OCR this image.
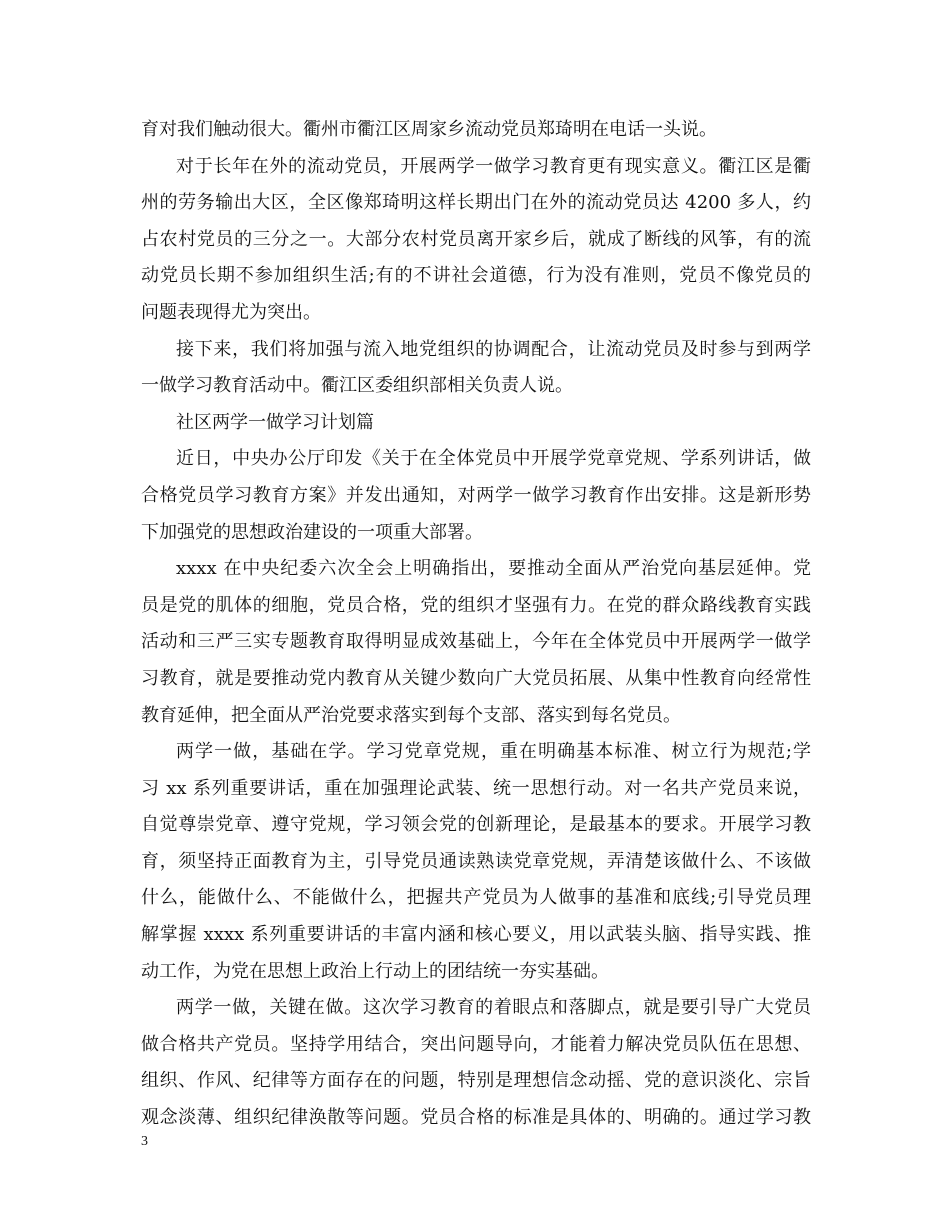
育对我们触动很大。衢州市衢江区周家乡流动党员郑琦明在电话一头说。
对于长年在外的流动党员，开展两学一做学习教育更有现实意义。衢江区是衢
州的劳务输出大区，全区像郑琦明这样长期出门在外的流动党员达 4200 多人，约
占农村党员的三分之一。大部分农村党员离开家乡后，就成了断线的风筝，有的流
动党员长期不参加组织生活;有的不讲社会道德，行为没有准则，党员不像党员的
问题表现得尤为突出。
接下来，我们将加强与流入地党组织的协调配合，让流动党员及时参与到两学
一做学习教育活动中。衢江区委组织部相关负责人说。
社区两学一做学习计划篇
近日，中央办公厅印发《关于在全体党员中开展学党章党规、学系列讲话，做
合格党员学习教育方案》并发出通知，对两学一做学习教育作出安排。这是新形势
下加强党的思想政治建设的一项重大部署。
xxxx 在中央纪委六次全会上明确指出，要推动全面从严治党向基层延伸。党
员是党的肌体的细胞，党员合格，党的组织才坚强有力。在党的群众路线教育实践
活动和三严三实专题教育取得明显成效基础上，今年在全体党员中开展两学一做学
习教育，就是要推动党内教育从关键少数向广大党员拓展、从集中性教育向经常性
教育延伸，把全面从严治党要求落实到每个支部、落实到每名党员。
两学一做，基础在学。学习党章党规，重在明确基本标准、树立行为规范;学
习 xx 系列重要讲话，重在加强理论武装、统一思想行动。对一名共产党员来说，
自觉尊崇党章、遵守党规，学习领会党的创新理论，是最基本的要求。开展学习教
育，须坚持正面教育为主，引导党员通读熟读党章党规，弄清楚该做什么、不该做
什么，能做什么、不能做什么，把握共产党员为人做事的基准和底线;引导党员理
解掌握 xxxx 系列重要讲话的丰富内涵和核心要义，用以武装头脑、指导实践、推
动工作，为党在思想上政治上行动上的团结统一夯实基础。
两学一做，关键在做。这次学习教育的着眼点和落脚点，就是要引导广大党员
做合格共产党员。坚持学用结合，突出问题导向，才能着力解决党员队伍在思想、
组织、作风、纪律等方面存在的问题，特别是理想信念动摇、党的意识淡化、宗旨
观念淡薄、组织纪律涣散等问题。党员合格的标准是具体的、明确的。通过学习教
3
